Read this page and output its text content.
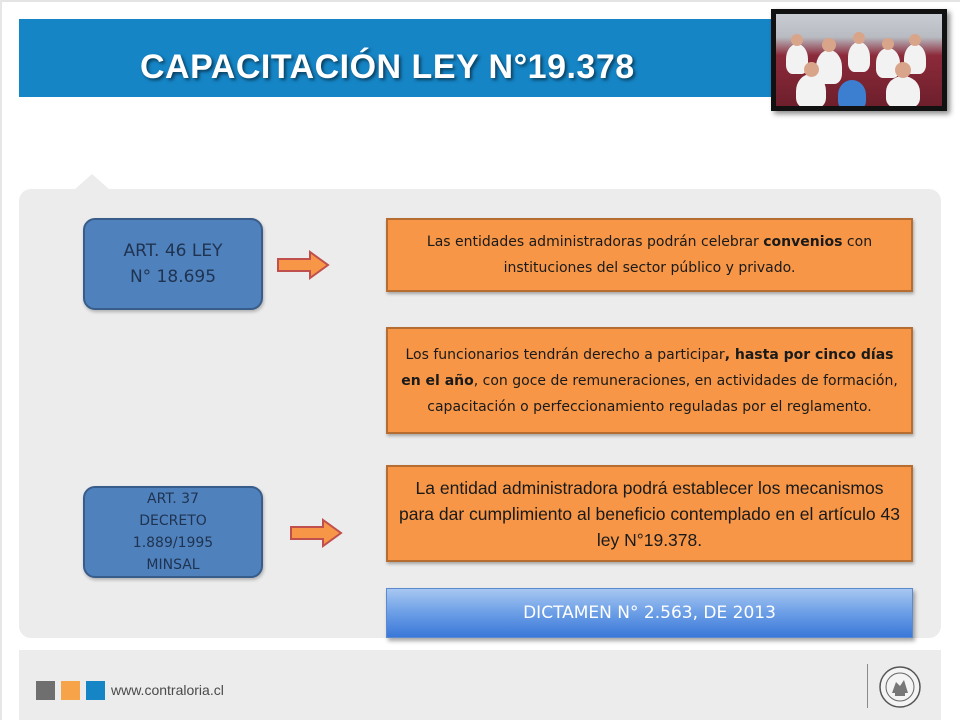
CAPACITACIÓN LEY N°19.378
ART. 46 LEY
N° 18.695
ART. 37
DECRETO
1.889/1995
MINSAL
Las entidades administradoras podrán celebrar convenios con instituciones del sector público y privado.
Los funcionarios tendrán derecho a participar, hasta por cinco días en el año, con goce de remuneraciones, en actividades de formación, capacitación o perfeccionamiento reguladas por el reglamento.
La entidad administradora podrá establecer los mecanismos para dar cumplimiento al beneficio contemplado en el artículo 43 ley N°19.378.
DICTAMEN N° 2.563, DE 2013
www.contraloria.cl
